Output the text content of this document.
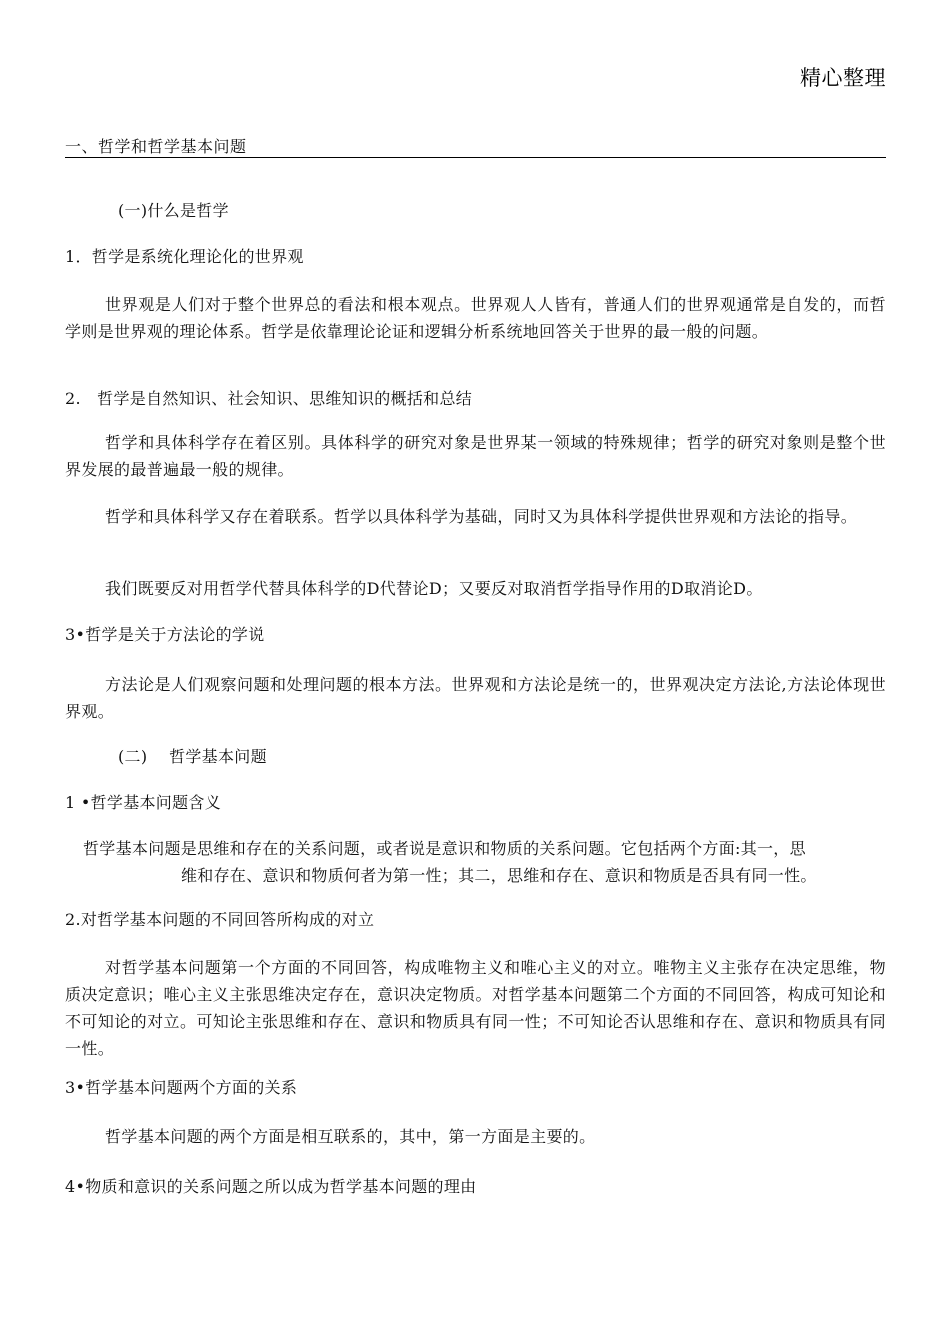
精心整理
一、哲学和哲学基本问题
(一)什么是哲学
1．哲学是系统化理论化的世界观
世界观是人们对于整个世界总的看法和根本观点。世界观人人皆有，普通人们的世界观通常是自发的，而哲学则是世界观的理论体系。哲学是依靠理论论证和逻辑分析系统地回答关于世界的最一般的问题。
2.　哲学是自然知识、社会知识、思维知识的概括和总结
哲学和具体科学存在着区别。具体科学的研究对象是世界某一领域的特殊规律；哲学的研究对象则是整个世界发展的最普遍最一般的规律。
哲学和具体科学又存在着联系。哲学以具体科学为基础，同时又为具体科学提供世界观和方法论的指导。
我们既要反对用哲学代替具体科学的D代替论D；又要反对取消哲学指导作用的D取消论D。
3•哲学是关于方法论的学说
方法论是人们观察问题和处理问题的根本方法。世界观和方法论是统一的，世界观决定方法论,方法论体现世界观。
(二)　 哲学基本问题
1 •哲学基本问题含义
哲学基本问题是思维和存在的关系问题，或者说是意识和物质的关系问题。它包括两个方面:其一，思
维和存在、意识和物质何者为第一性；其二，思维和存在、意识和物质是否具有同一性。
2.对哲学基本问题的不同回答所构成的对立
对哲学基本问题第一个方面的不同回答，构成唯物主义和唯心主义的对立。唯物主义主张存在决定思维，物质决定意识；唯心主义主张思维决定存在，意识决定物质。对哲学基本问题第二个方面的不同回答，构成可知论和不可知论的对立。可知论主张思维和存在、意识和物质具有同一性；不可知论否认思维和存在、意识和物质具有同一性。
3•哲学基本问题两个方面的关系
哲学基本问题的两个方面是相互联系的，其中，第一方面是主要的。
4•物质和意识的关系问题之所以成为哲学基本问题的理由
